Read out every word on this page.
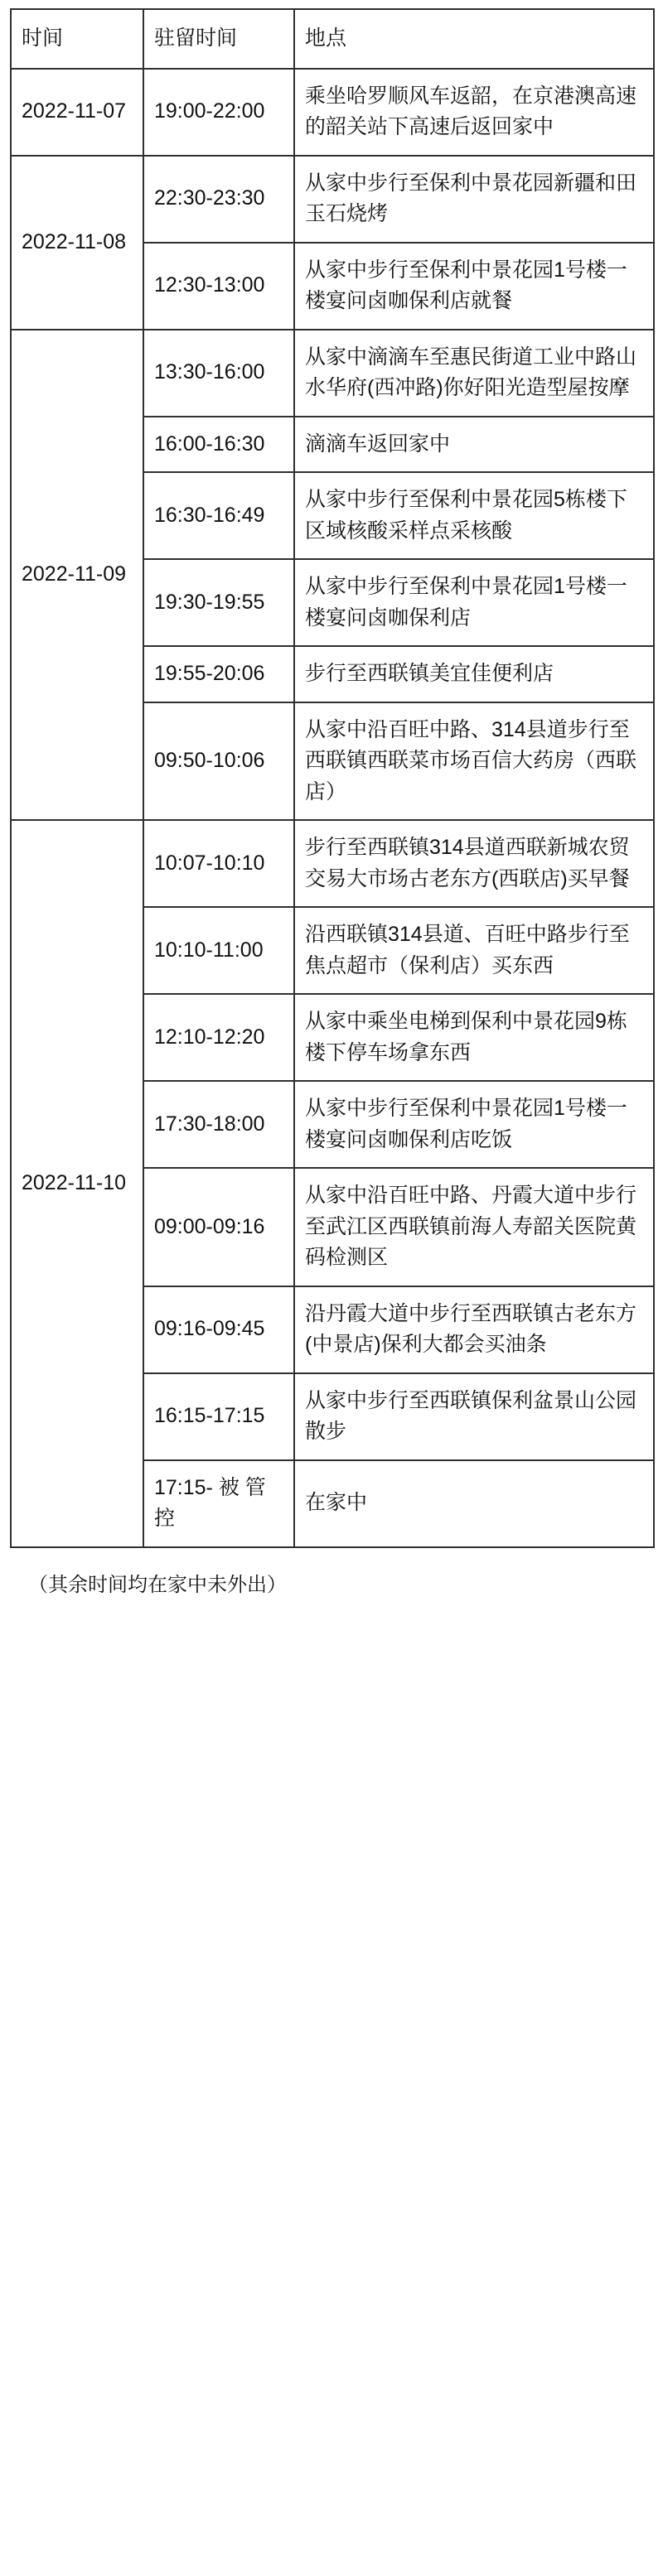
时间	驻留时间	地点
2022-11-07	19:00-22:00	乘坐哈罗顺风车返韶，在京港澳高速的韶关站下高速后返回家中
2022-11-08	22:30-23:30	从家中步行至保利中景花园新疆和田玉石烧烤
	12:30-13:00	从家中步行至保利中景花园1号楼一楼宴问卤咖保利店就餐
2022-11-09	13:30-16:00	从家中滴滴车至惠民街道工业中路山水华府(西冲路)你好阳光造型屋按摩
	16:00-16:30	滴滴车返回家中
	16:30-16:49	从家中步行至保利中景花园5栋楼下区域核酸采样点采核酸
	19:30-19:55	从家中步行至保利中景花园1号楼一楼宴问卤咖保利店
	19:55-20:06	步行至西联镇美宜佳便利店
	09:50-10:06	从家中沿百旺中路、314县道步行至西联镇西联菜市场百信大药房（西联店）
2022-11-10	10:07-10:10	步行至西联镇314县道西联新城农贸交易大市场古老东方(西联店)买早餐
	10:10-11:00	沿西联镇314县道、百旺中路步行至焦点超市（保利店）买东西
	12:10-12:20	从家中乘坐电梯到保利中景花园9栋楼下停车场拿东西
	17:30-18:00	从家中步行至保利中景花园1号楼一楼宴问卤咖保利店吃饭
	09:00-09:16	从家中沿百旺中路、丹霞大道中步行至武江区西联镇前海人寿韶关医院黄码检测区
	09:16-09:45	沿丹霞大道中步行至西联镇古老东方(中景店)保利大都会买油条
	16:15-17:15	从家中步行至西联镇保利盆景山公园散步
	17:15- 被 管控	在家中
（其余时间均在家中未外出）
